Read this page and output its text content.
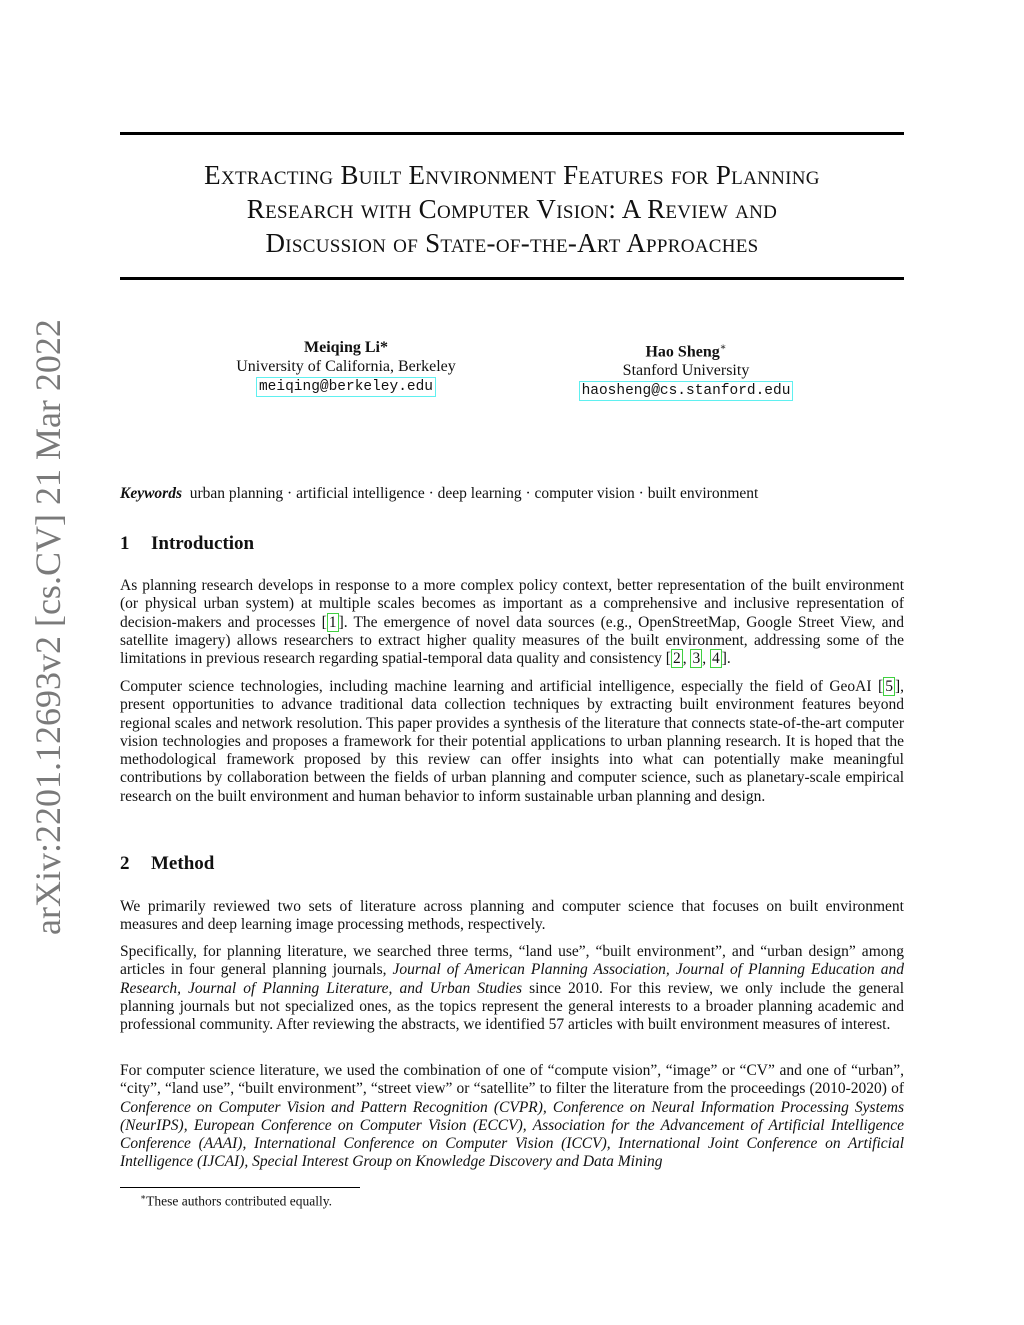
Extracting Built Environment Features for Planning
Research with Computer Vision: A Review and
Discussion of State-of-the-Art Approaches
arXiv:2201.12693v2 [cs.CV] 21 Mar 2022	Meiqing Li*
University of California, Berkeley
meiqing@berkeley.edu
Hao Sheng∗
Stanford University
haosheng@cs.stanford.edu
Keywords urban planning · artificial intelligence · deep learning · computer vision · built environment
1 Introduction

As planning research develops in response to a more complex policy context, better representation of the built environment (or physical urban system) at multiple scales becomes as important as a comprehensive and inclusive representation of decision-makers and processes [ 1 ]. The emergence of novel data sources (e.g., OpenStreetMap, Google Street View, and satellite imagery) allows researchers to extract higher quality measures of the built environment, addressing some of the limitations in previous research regarding spatial-temporal data quality and consistency [ 2 , 3 , 4 ].

Computer science technologies, including machine learning and artificial intelligence, especially the field of GeoAI [ 5 ], present opportunities to advance traditional data collection techniques by extracting built environment features beyond regional scales and network resolution. This paper provides a synthesis of the literature that connects state-of-the-art computer vision technologies and proposes a framework for their potential applications to urban planning research. It is hoped that the methodological framework proposed by this review can offer insights into what can potentially make meaningful contributions by collaboration between the fields of urban planning and computer science, such as planetary-scale empirical research on the built environment and human behavior to inform sustainable urban planning and design.

2 Method

We primarily reviewed two sets of literature across planning and computer science that focuses on built environment measures and deep learning image processing methods, respectively.

Specifically, for planning literature, we searched three terms, “land use”, “built environment”, and “urban design” among articles in four general planning journals, Journal of American Planning Association, Journal of Planning Education and Research, Journal of Planning Literature, and Urban Studies since 2010. For this review, we only include the general planning journals but not specialized ones, as the topics represent the general interests to a broader planning academic and professional community. After reviewing the abstracts, we identified 57 articles with built environment measures of interest.

For computer science literature, we used the combination of one of “compute vision”, “image” or “CV” and one of “urban”, “city”, “land use”, “built environment”, “street view” or “satellite” to filter the literature from the proceedings (2010-2020) of Conference on Computer Vision and Pattern Recognition (CVPR), Conference on Neural Information Processing Systems (NeurIPS), European Conference on Computer Vision (ECCV), Association for the Advancement of Artificial Intelligence Conference (AAAI), International Conference on Computer Vision (ICCV), International Joint Conference on Artificial Intelligence (IJCAI), Special Interest Group on Knowledge Discovery and Data Mining

∗These authors contributed equally.
